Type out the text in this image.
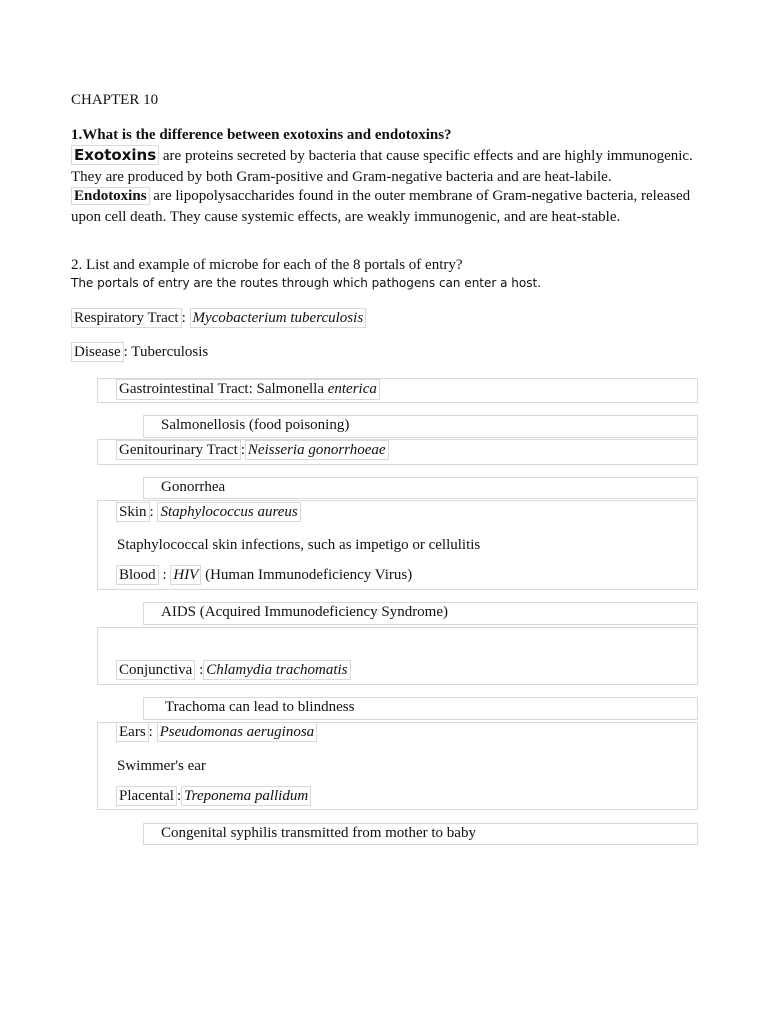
CHAPTER 10
1.What is the difference between exotoxins and endotoxins?
Exotoxins are proteins secreted by bacteria that cause specific effects and are highly immunogenic. They are produced by both Gram-positive and Gram-negative bacteria and are heat-labile.
Endotoxins are lipopolysaccharides found in the outer membrane of Gram-negative bacteria, released upon cell death. They cause systemic effects, are weakly immunogenic, and are heat-stable.
2. List and example of microbe for each of the 8 portals of entry?
The portals of entry are the routes through which pathogens can enter a host.
Respiratory Tract : Mycobacterium tuberculosis
Disease : Tuberculosis
Gastrointestinal Tract: Salmonella enterica
Salmonellosis (food poisoning)
Genitourinary Tract : Neisseria gonorrhoeae
Gonorrhea
Skin : Staphylococcus aureus
Staphylococcal skin infections, such as impetigo or cellulitis
Blood : HIV (Human Immunodeficiency Virus)
AIDS (Acquired Immunodeficiency Syndrome)
Conjunctiva : Chlamydia trachomatis
Trachoma can lead to blindness
Ears : Pseudomonas aeruginosa
Swimmer's ear
Placental : Treponema pallidum
Congenital syphilis transmitted from mother to baby
